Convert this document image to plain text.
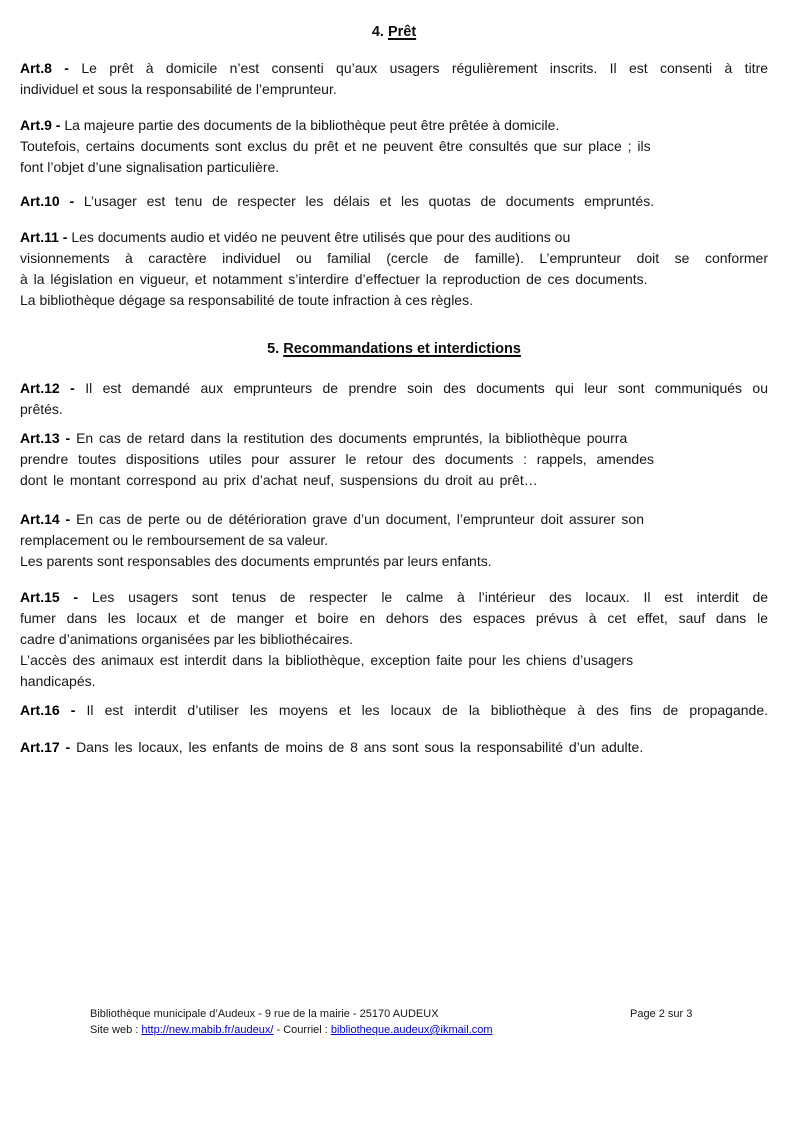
4. Prêt

Art.8 - Le prêt à domicile n’est consenti qu’aux usagers régulièrement inscrits. Il est consenti à titre
individuel et sous la responsabilité de l’emprunteur.

Art.9 - La majeure partie des documents de la bibliothèque peut être prêtée à domicile.
Toutefois, certains documents sont exclus du prêt et ne peuvent être consultés que sur place ; ils
font l’objet d’une signalisation particulière.

Art.10 - L’usager est tenu de respecter les délais et les quotas de documents empruntés.

Art.11 - Les documents audio et vidéo ne peuvent être utilisés que pour des auditions ou
visionnements à caractère individuel ou familial (cercle de famille). L’emprunteur doit se conformer
à la législation en vigueur, et notamment s’interdire d’effectuer la reproduction de ces documents.
La bibliothèque dégage sa responsabilité de toute infraction à ces règles.

5. Recommandations et interdictions

Art.12 - Il est demandé aux emprunteurs de prendre soin des documents qui leur sont communiqués ou
prêtés.

Art.13 - En cas de retard dans la restitution des documents empruntés, la bibliothèque pourra
prendre toutes dispositions utiles pour assurer le retour des documents : rappels, amendes
dont le montant correspond au prix d’achat neuf, suspensions du droit au prêt…

Art.14 - En cas de perte ou de détérioration grave d’un document, l’emprunteur doit assurer son
remplacement ou le remboursement de sa valeur.
Les parents sont responsables des documents empruntés par leurs enfants.

Art.15 - Les usagers sont tenus de respecter le calme à l’intérieur des locaux. Il est interdit de
fumer dans les locaux et de manger et boire en dehors des espaces prévus à cet effet, sauf dans le
cadre d’animations organisées par les bibliothécaires.
L’accès des animaux est interdit dans la bibliothèque, exception faite pour les chiens d’usagers
handicapés.

Art.16 - Il est interdit d’utiliser les moyens et les locaux de la bibliothèque à des fins de propagande.

Art.17 - Dans les locaux, les enfants de moins de 8 ans sont sous la responsabilité d’un adulte.

Bibliothèque municipale d’Audeux - 9 rue de la mairie - 25170 AUDEUX
Site web : http://new.mabib.fr/audeux/ - Courriel : bibliotheque.audeux@ikmail.com
Page 2 sur 3
